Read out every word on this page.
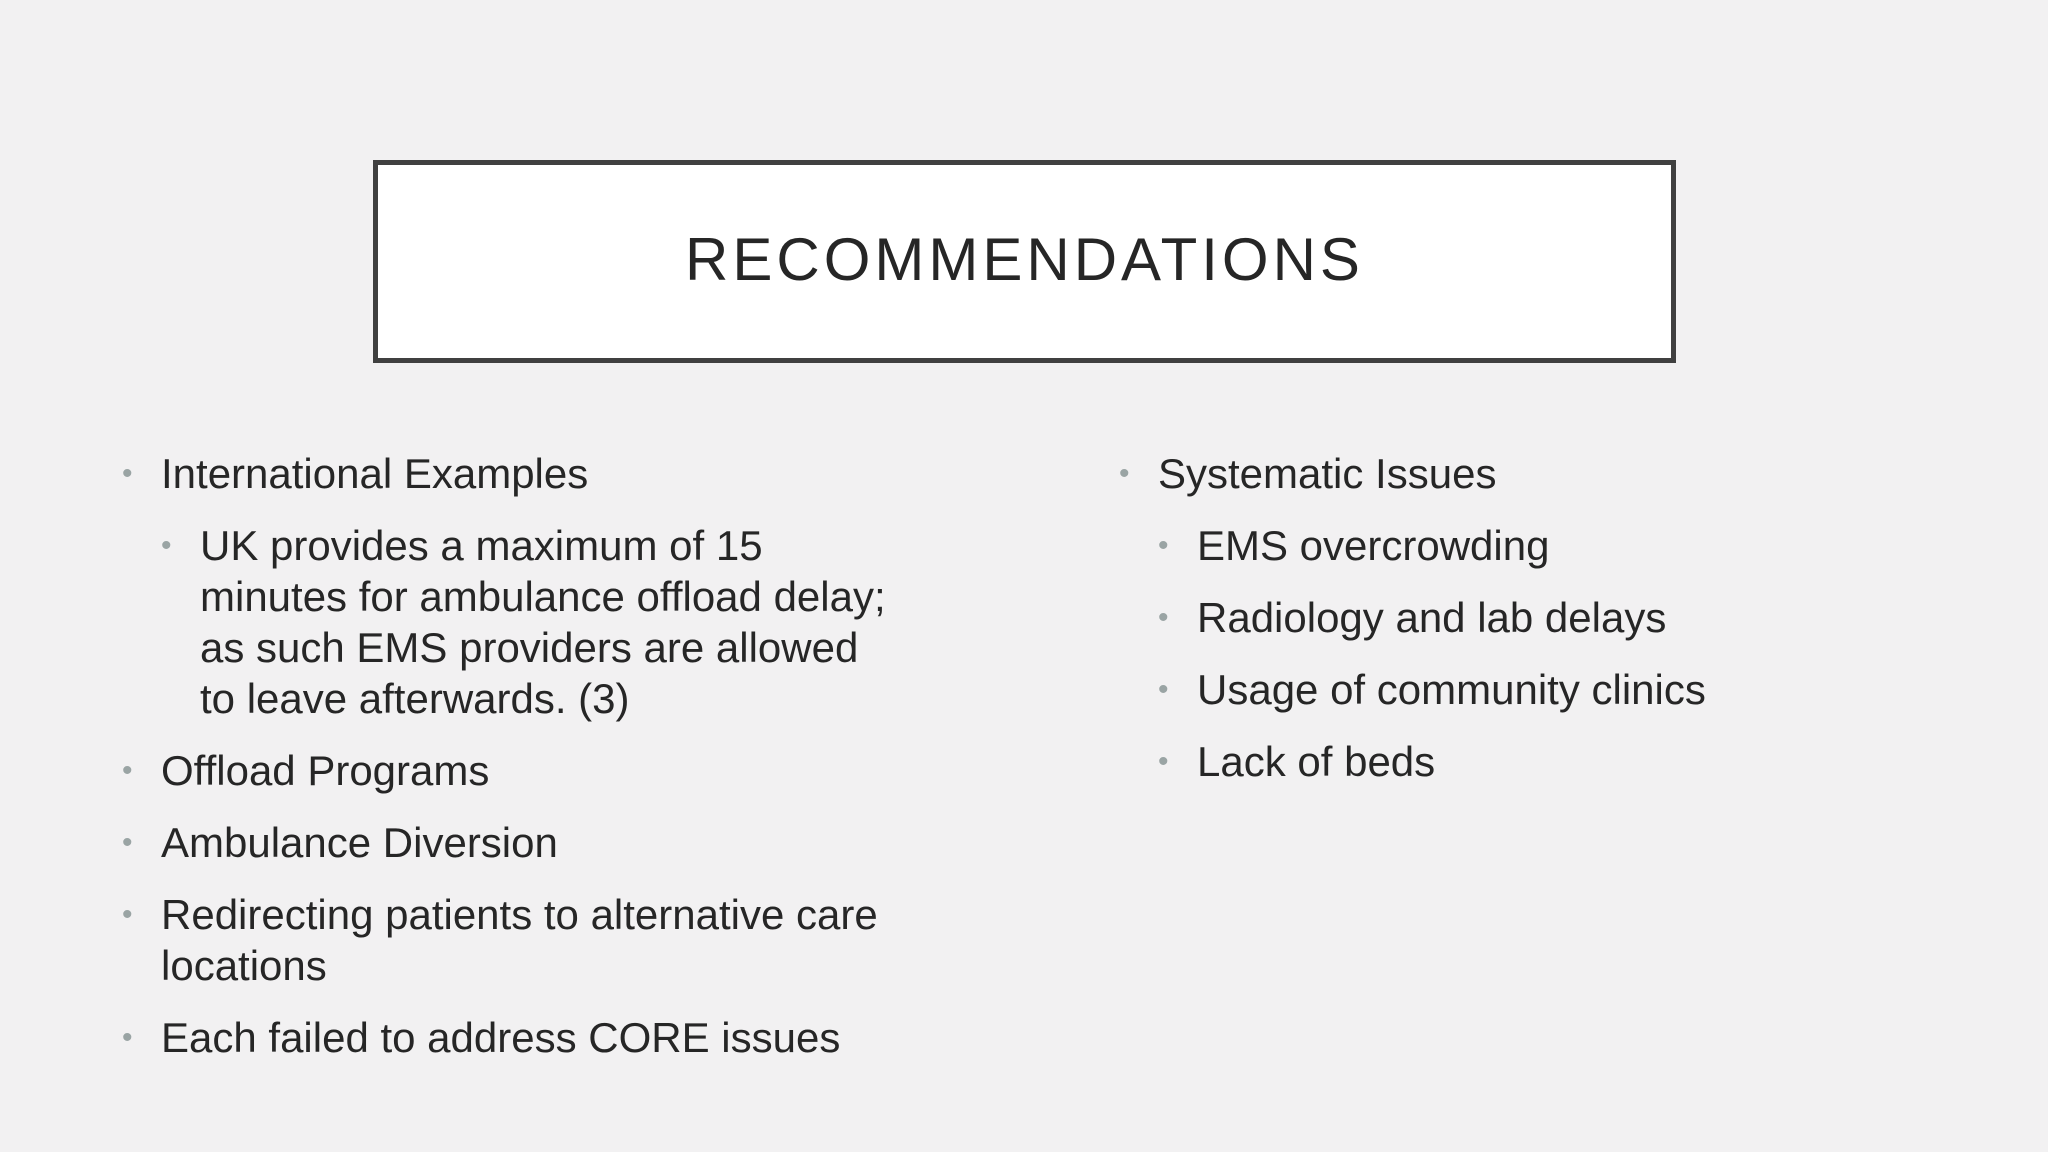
RECOMMENDATIONS
• International Examples
• UK provides a maximum of 15 minutes for ambulance offload delay; as such EMS providers are allowed to leave afterwards. (3)
• Offload Programs
• Ambulance Diversion
• Redirecting patients to alternative care locations
• Each failed to address CORE issues
• Systematic Issues
• EMS overcrowding
• Radiology and lab delays
• Usage of community clinics
• Lack of beds
